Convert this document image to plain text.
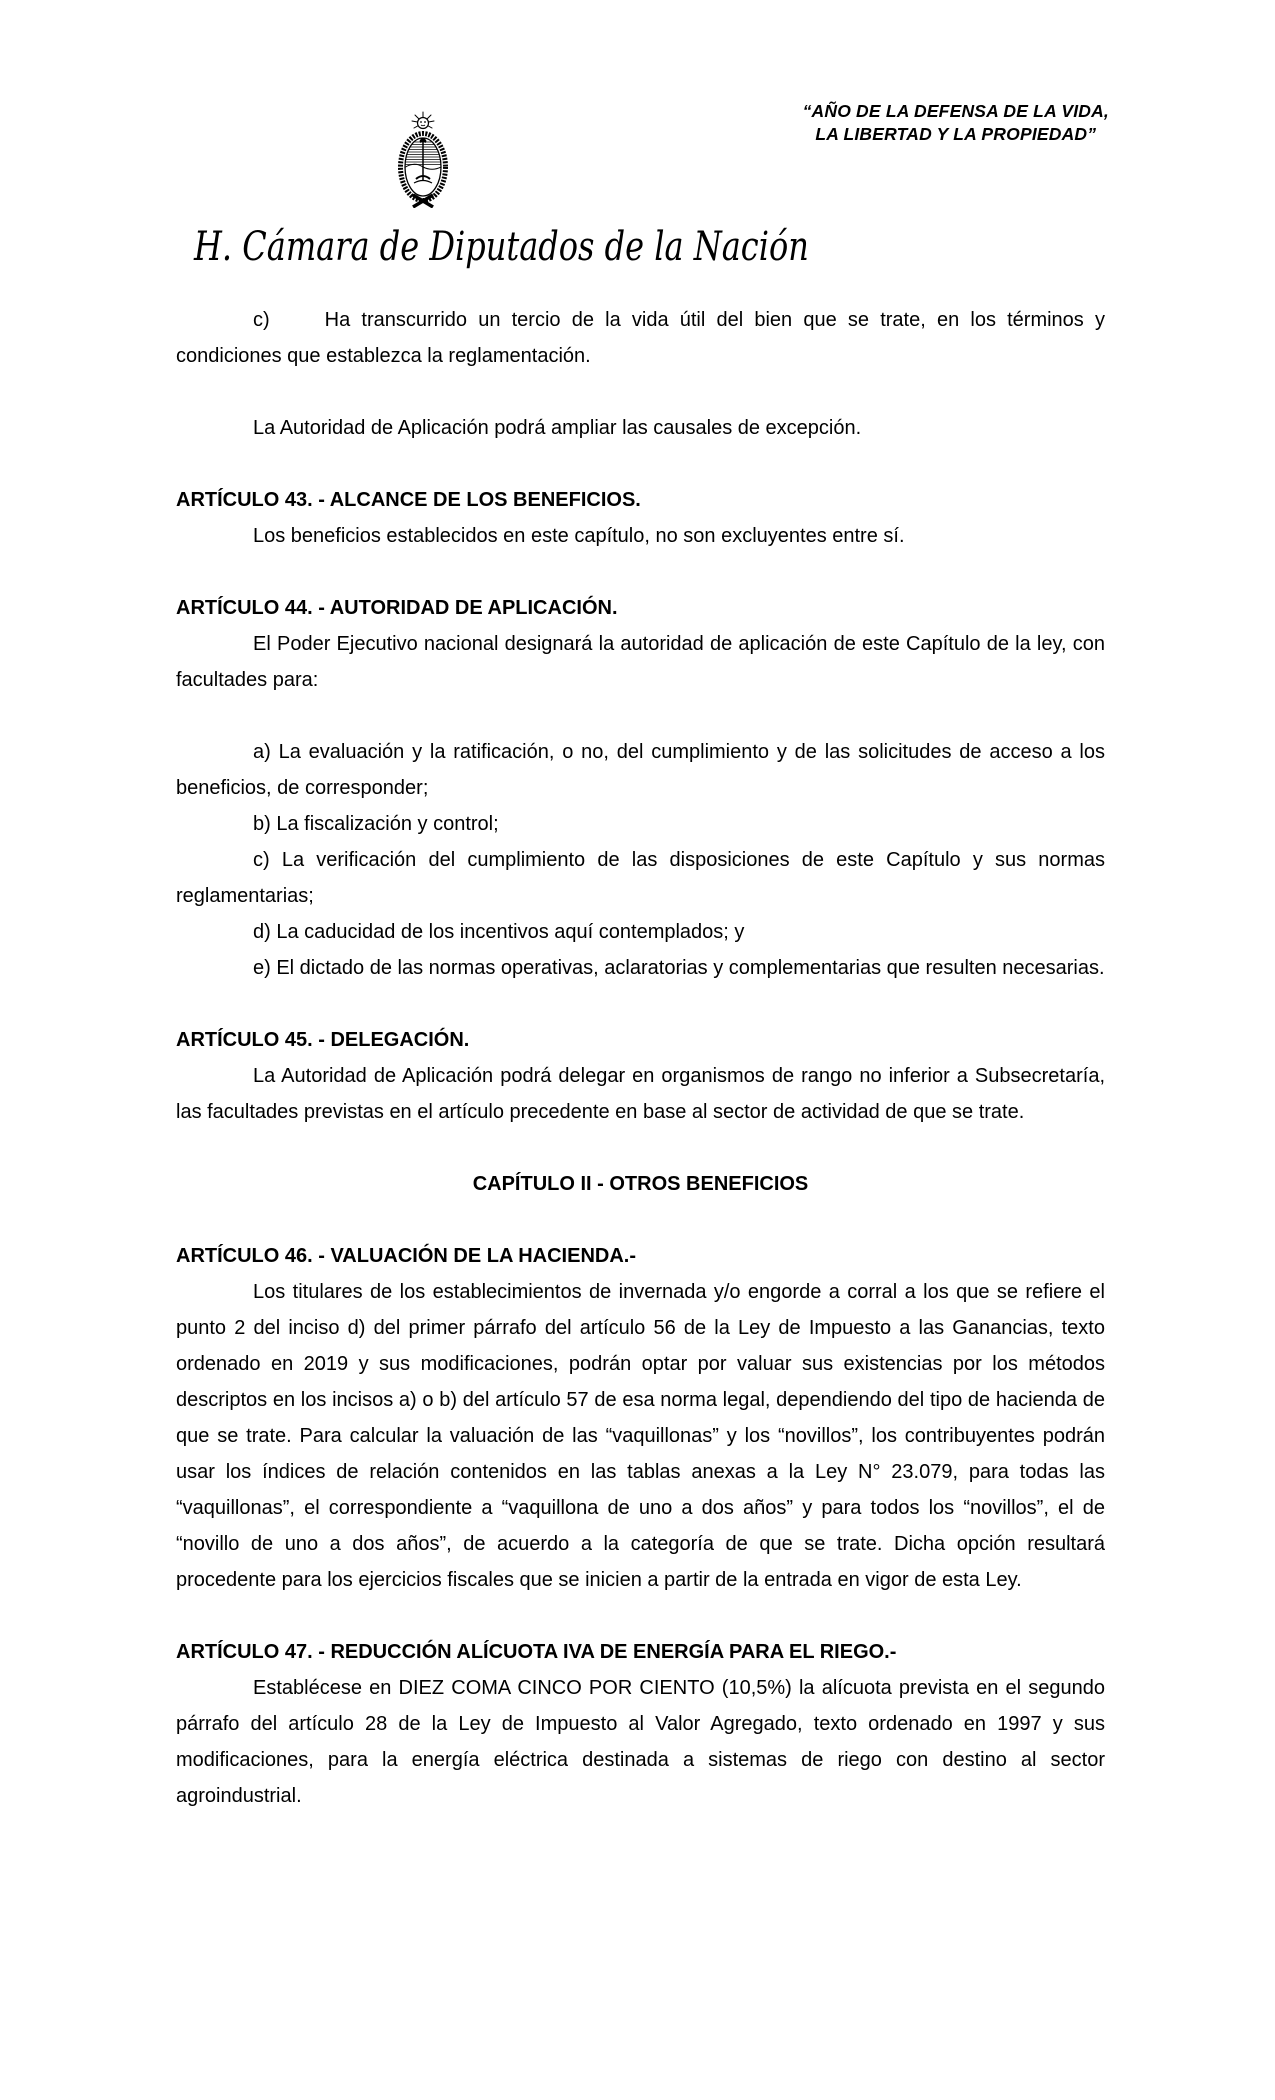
“AÑO DE LA DEFENSA DE LA VIDA,
LA LIBERTAD Y LA PROPIEDAD”
H. Cámara de Diputados de la Nación

c)	Ha transcurrido un tercio de la vida útil del bien que se trate, en los términos y condiciones que establezca la reglamentación.

La Autoridad de Aplicación podrá ampliar las causales de excepción.

ARTÍCULO 43. - ALCANCE DE LOS BENEFICIOS.

Los beneficios establecidos en este capítulo, no son excluyentes entre sí.

ARTÍCULO 44. - AUTORIDAD DE APLICACIÓN.

El Poder Ejecutivo nacional designará la autoridad de aplicación de este Capítulo de la ley, con facultades para:

a) La evaluación y la ratificación, o no, del cumplimiento y de las solicitudes de acceso a los beneficios, de corresponder;

b) La fiscalización y control;

c) La verificación del cumplimiento de las disposiciones de este Capítulo y sus normas reglamentarias;

d) La caducidad de los incentivos aquí contemplados; y

e) El dictado de las normas operativas, aclaratorias y complementarias que resulten necesarias.

ARTÍCULO 45. - DELEGACIÓN.

La Autoridad de Aplicación podrá delegar en organismos de rango no inferior a Subsecretaría, las facultades previstas en el artículo precedente en base al sector de actividad de que se trate.

CAPÍTULO II - OTROS BENEFICIOS

ARTÍCULO 46. - VALUACIÓN DE LA HACIENDA.-

Los titulares de los establecimientos de invernada y/o engorde a corral a los que se refiere el punto 2 del inciso d) del primer párrafo del artículo 56 de la Ley de Impuesto a las Ganancias, texto ordenado en 2019 y sus modificaciones, podrán optar por valuar sus existencias por los métodos descriptos en los incisos a) o b) del artículo 57 de esa norma legal, dependiendo del tipo de hacienda de que se trate. Para calcular la valuación de las “vaquillonas” y los “novillos”, los contribuyentes podrán usar los índices de relación contenidos en las tablas anexas a la Ley N° 23.079, para todas las “vaquillonas”, el correspondiente a “vaquillona de uno a dos años” y para todos los “novillos”, el de “novillo de uno a dos años”, de acuerdo a la categoría de que se trate. Dicha opción resultará procedente para los ejercicios fiscales que se inicien a partir de la entrada en vigor de esta Ley.

ARTÍCULO 47. - REDUCCIÓN ALÍCUOTA IVA DE ENERGÍA PARA EL RIEGO.-

Establécese en DIEZ COMA CINCO POR CIENTO (10,5%) la alícuota prevista en el segundo párrafo del artículo 28 de la Ley de Impuesto al Valor Agregado, texto ordenado en 1997 y sus modificaciones, para la energía eléctrica destinada a sistemas de riego con destino al sector agroindustrial.
